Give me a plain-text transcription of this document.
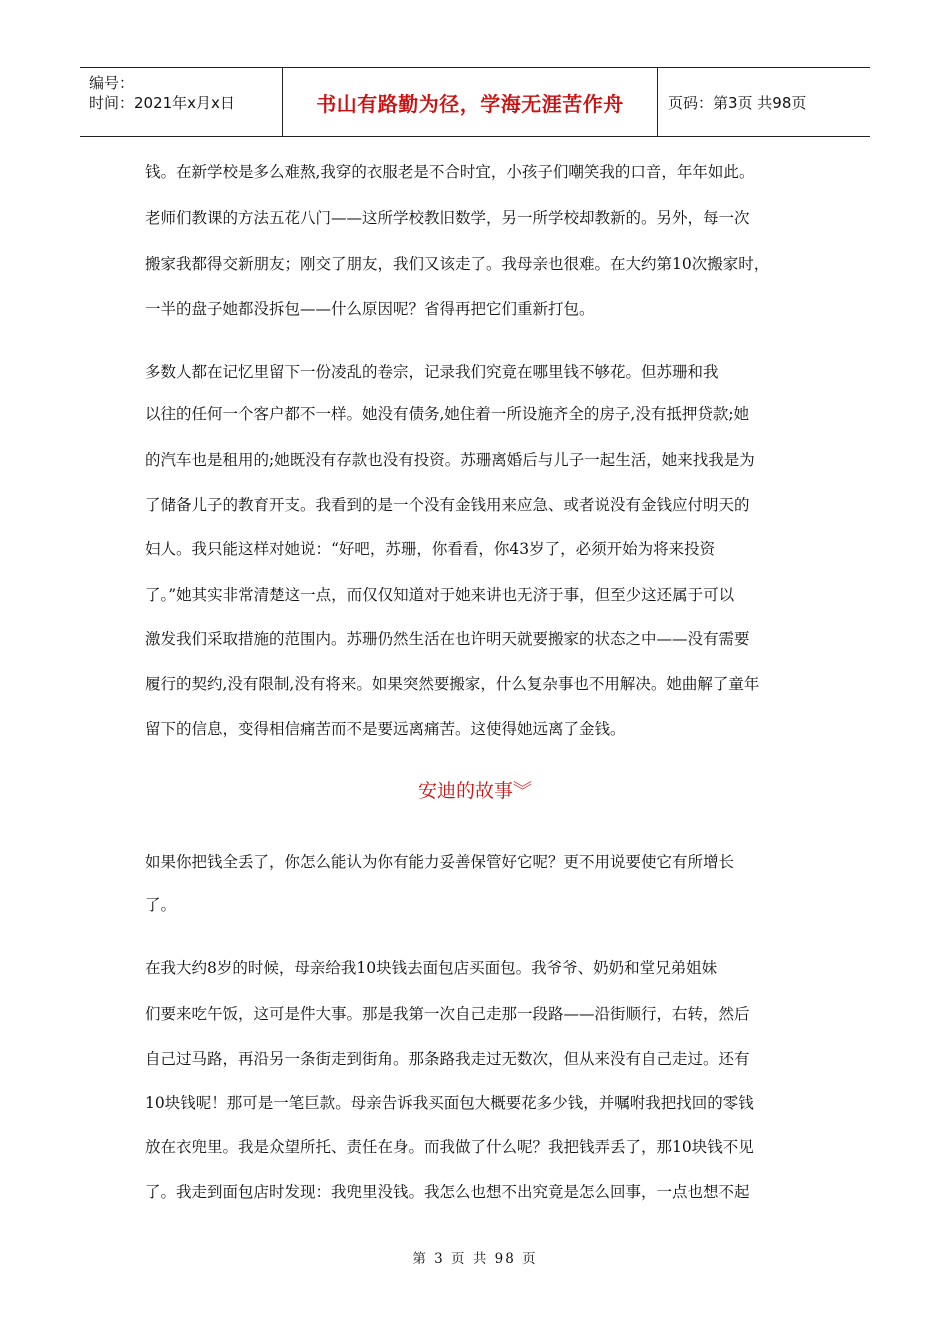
编号：
时间：2021年x月x日	书山有路勤为径，学海无涯苦作舟	页码：第3页 共98页
钱。在新学校是多么难熬,我穿的衣服老是不合时宜，小孩子们嘲笑我的口音，年年如此。
老师们教课的方法五花八门——这所学校教旧数学，另一所学校却教新的。另外，每一次
搬家我都得交新朋友；刚交了朋友，我们又该走了。我母亲也很难。在大约第10次搬家时，
一半的盘子她都没拆包——什么原因呢？省得再把它们重新打包。
多数人都在记忆里留下一份凌乱的卷宗，记录我们究竟在哪里钱不够花。但苏珊和我
以往的任何一个客户都不一样。她没有债务,她住着一所设施齐全的房子,没有抵押贷款;她
的汽车也是租用的;她既没有存款也没有投资。苏珊离婚后与儿子一起生活，她来找我是为
了储备儿子的教育开支。我看到的是一个没有金钱用来应急、或者说没有金钱应付明天的
妇人。我只能这样对她说：“好吧，苏珊，你看看，你43岁了，必须开始为将来投资
了。”她其实非常清楚这一点，而仅仅知道对于她来讲也无济于事，但至少这还属于可以
激发我们采取措施的范围内。苏珊仍然生活在也许明天就要搬家的状态之中——没有需要
履行的契约,没有限制,没有将来。如果突然要搬家，什么复杂事也不用解决。她曲解了童年
留下的信息，变得相信痛苦而不是要远离痛苦。这使得她远离了金钱。
安迪的故事︾
如果你把钱全丢了，你怎么能认为你有能力妥善保管好它呢？更不用说要使它有所增长
了。
在我大约8岁的时候，母亲给我10块钱去面包店买面包。我爷爷、奶奶和堂兄弟姐妹
们要来吃午饭，这可是件大事。那是我第一次自己走那一段路——沿街顺行，右转，然后
自己过马路，再沿另一条街走到街角。那条路我走过无数次，但从来没有自己走过。还有
10块钱呢！那可是一笔巨款。母亲告诉我买面包大概要花多少钱，并嘱咐我把找回的零钱
放在衣兜里。我是众望所托、责任在身。而我做了什么呢？我把钱弄丢了，那10块钱不见
了。我走到面包店时发现：我兜里没钱。我怎么也想不出究竟是怎么回事，一点也想不起
第 3 页 共 98 页
